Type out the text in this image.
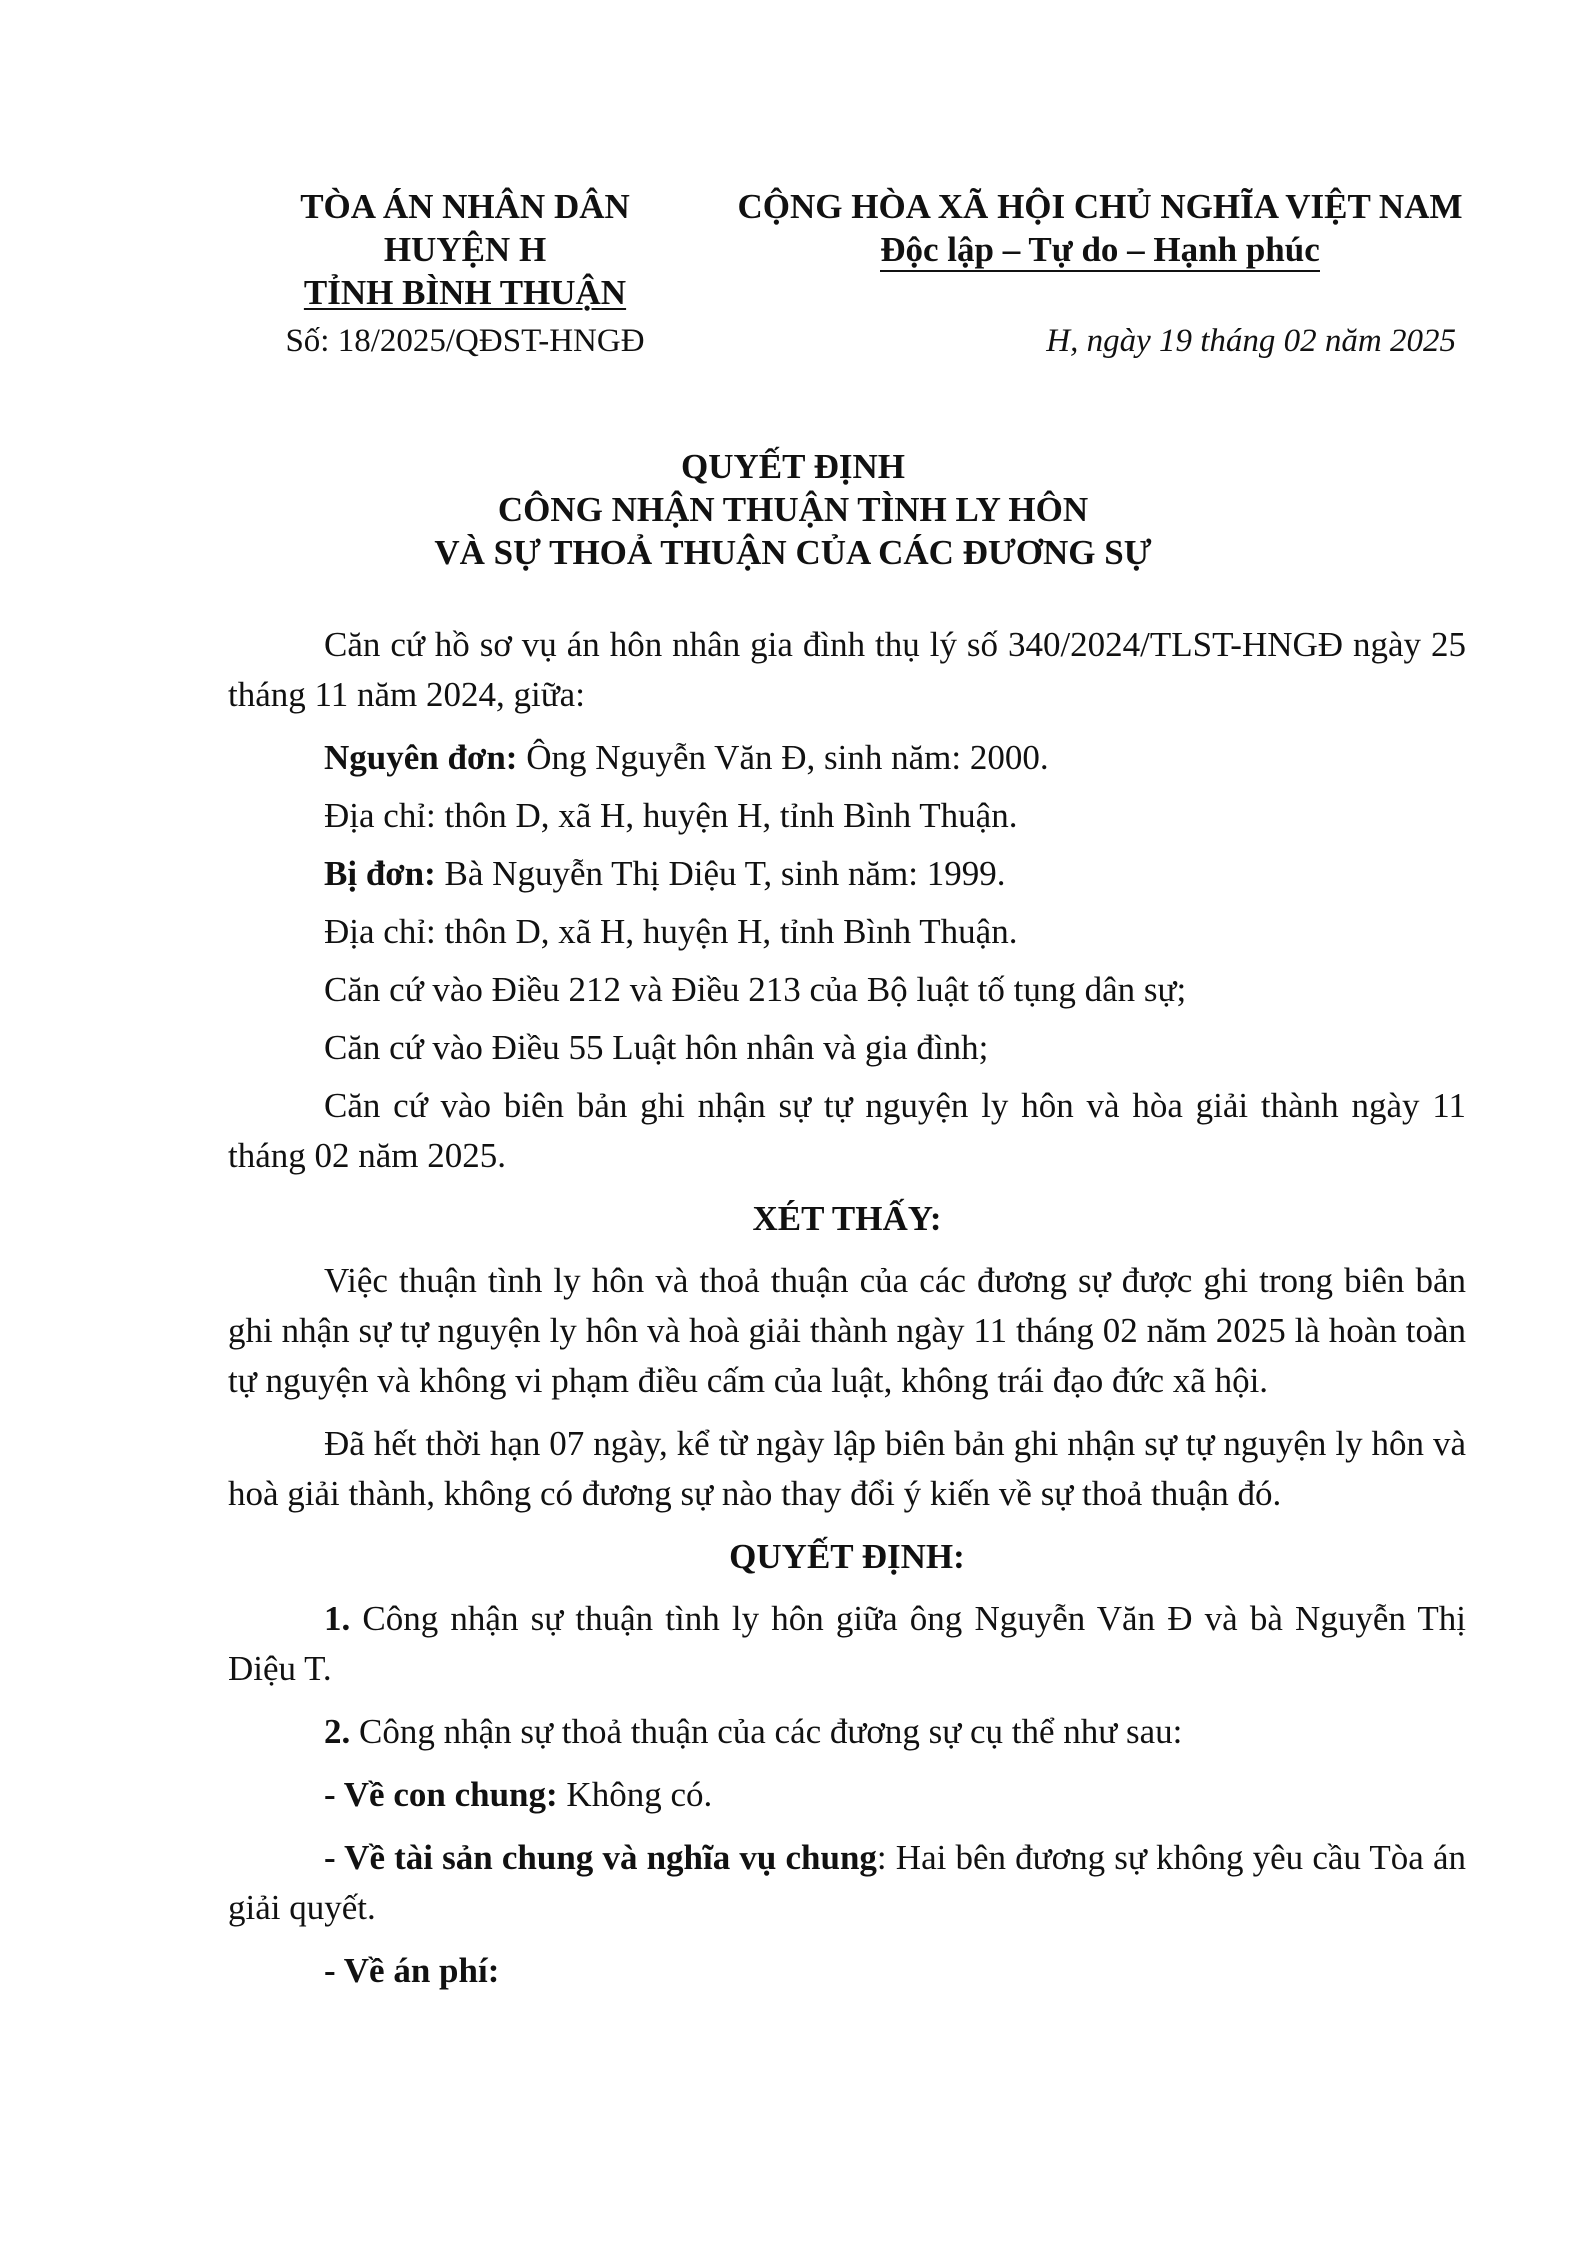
TÒA ÁN NHÂN DÂN
HUYỆN H
TỈNH BÌNH THUẬN
CỘNG HÒA XÃ HỘI CHỦ NGHĨA VIỆT NAM
Độc lập – Tự do – Hạnh phúc
Số: 18/2025/QĐST-HNGĐ	H, ngày 19 tháng 02 năm 2025
QUYẾT ĐỊNH
CÔNG NHẬN THUẬN TÌNH LY HÔN
VÀ SỰ THOẢ THUẬN CỦA CÁC ĐƯƠNG SỰ

Căn cứ hồ sơ vụ án hôn nhân gia đình thụ lý số 340/2024/TLST-HNGĐ ngày 25 tháng 11 năm 2024, giữa:

Nguyên đơn: Ông Nguyễn Văn Đ, sinh năm: 2000.

Địa chỉ: thôn D, xã H, huyện H, tỉnh Bình Thuận.

Bị đơn: Bà Nguyễn Thị Diệu T, sinh năm: 1999.

Địa chỉ: thôn D, xã H, huyện H, tỉnh Bình Thuận.

Căn cứ vào Điều 212 và Điều 213 của Bộ luật tố tụng dân sự;

Căn cứ vào Điều 55 Luật hôn nhân và gia đình;

Căn cứ vào biên bản ghi nhận sự tự nguyện ly hôn và hòa giải thành ngày 11 tháng 02 năm 2025.

XÉT THẤY:

Việc thuận tình ly hôn và thoả thuận của các đương sự được ghi trong biên bản ghi nhận sự tự nguyện ly hôn và hoà giải thành ngày 11 tháng 02 năm 2025 là hoàn toàn tự nguyện và không vi phạm điều cấm của luật, không trái đạo đức xã hội.

Đã hết thời hạn 07 ngày, kể từ ngày lập biên bản ghi nhận sự tự nguyện ly hôn và hoà giải thành, không có đương sự nào thay đổi ý kiến về sự thoả thuận đó.

QUYẾT ĐỊNH:

1. Công nhận sự thuận tình ly hôn giữa ông Nguyễn Văn Đ và bà Nguyễn Thị Diệu T.

2. Công nhận sự thoả thuận của các đương sự cụ thể như sau:

- Về con chung: Không có.

- Về tài sản chung và nghĩa vụ chung: Hai bên đương sự không yêu cầu Tòa án giải quyết.

- Về án phí:
